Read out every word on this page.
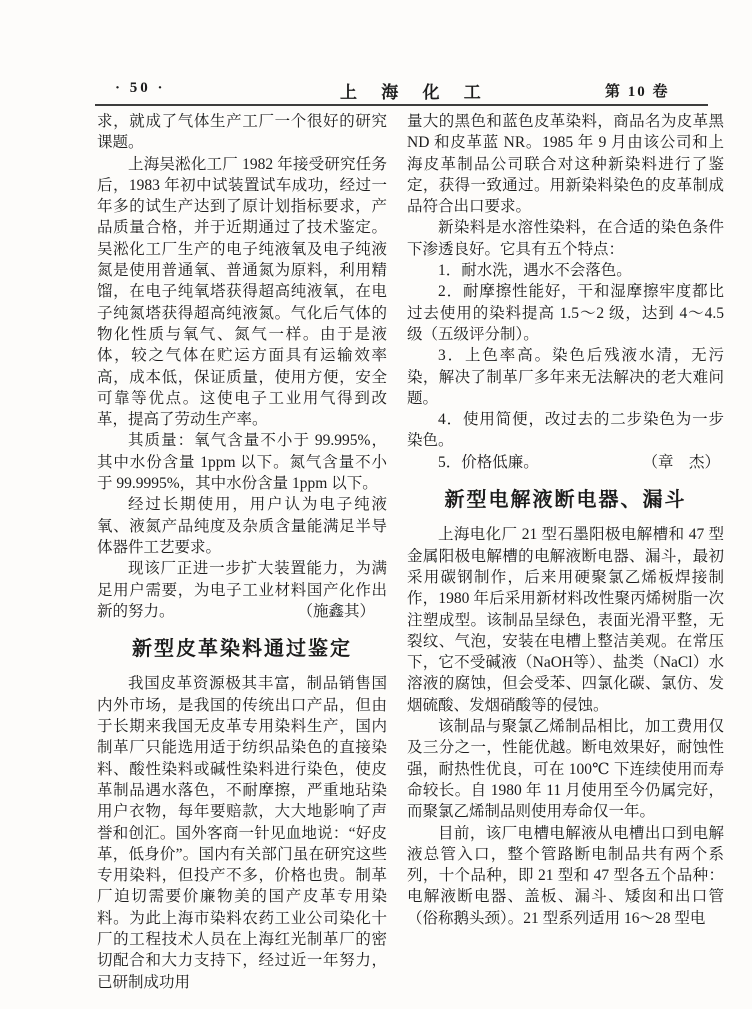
· 50 ·	上 海 化 工	第 10 卷

求，就成了气体生产工厂一个很好的研究课题。

上海吴淞化工厂 1982 年接受研究任务后，1983 年初中试装置试车成功，经过一年多的试生产达到了原计划指标要求，产品质量合格，并于近期通过了技术鉴定。吴淞化工厂生产的电子纯液氧及电子纯液氮是使用普通氧、普通氮为原料，利用精馏，在电子纯氧塔获得超高纯液氧，在电子纯氮塔获得超高纯液氮。气化后气体的物化性质与氧气、氮气一样。由于是液体，较之气体在贮运方面具有运输效率高，成本低，保证质量，使用方便，安全可靠等优点。这使电子工业用气得到改革，提高了劳动生产率。

其质量：氧气含量不小于 99.995%，其中水份含量 1ppm 以下。氮气含量不小于 99.9995%，其中水份含量 1ppm 以下。

经过长期使用，用户认为电子纯液氧、液氮产品纯度及杂质含量能满足半导体器件工艺要求。

现该厂正进一步扩大装置能力，为满足用户需要，为电子工业材料国产化作出新的努力。	（施鑫其）

新型皮革染料通过鉴定

我国皮革资源极其丰富，制品销售国内外市场，是我国的传统出口产品，但由于长期来我国无皮革专用染料生产，国内制革厂只能选用适于纺织品染色的直接染料、酸性染料或碱性染料进行染色，使皮革制品遇水落色，不耐摩擦，严重地玷染用户衣物，每年要赔款，大大地影响了声誉和创汇。国外客商一针见血地说：“好皮革，低身价”。国内有关部门虽在研究这些专用染料，但投产不多，价格也贵。制革厂迫切需要价廉物美的国产皮革专用染料。为此上海市染料农药工业公司染化十厂的工程技术人员在上海红光制革厂的密切配合和大力支持下，经过近一年努力，已研制成功用

量大的黑色和蓝色皮革染料，商品名为皮革黑 ND 和皮革蓝 NR。1985 年 9 月由该公司和上海皮革制品公司联合对这种新染料进行了鉴定，获得一致通过。用新染料染色的皮革制成品符合出口要求。

新染料是水溶性染料，在合适的染色条件下渗透良好。它具有五个特点：

1．耐水洗，遇水不会落色。

2．耐摩擦性能好，干和湿摩擦牢度都比过去使用的染料提高 1.5～2 级，达到 4～4.5 级（五级评分制）。

3．上色率高。染色后残液水清，无污染，解决了制革厂多年来无法解决的老大难问题。

4．使用简便，改过去的二步染色为一步染色。

5．价格低廉。	（章　杰）

新型电解液断电器、漏斗

上海电化厂 21 型石墨阳极电解槽和 47 型金属阳极电解槽的电解液断电器、漏斗，最初采用碳钢制作，后来用硬聚氯乙烯板焊接制作，1980 年后采用新材料改性聚丙烯树脂一次注塑成型。该制品呈绿色，表面光滑平整，无裂纹、气泡，安装在电槽上整洁美观。在常压下，它不受碱液（NaOH等）、盐类（NaCl）水溶液的腐蚀，但会受苯、四氯化碳、氯仿、发烟硫酸、发烟硝酸等的侵蚀。

该制品与聚氯乙烯制品相比，加工费用仅及三分之一，性能优越。断电效果好，耐蚀性强，耐热性优良，可在 100℃ 下连续使用而寿命较长。自 1980 年 11 月使用至今仍属完好，而聚氯乙烯制品则使用寿命仅一年。

目前，该厂电槽电解液从电槽出口到电解液总管入口，整个管路断电制品共有两个系列，十个品种，即 21 型和 47 型各五个品种：电解液断电器、盖板、漏斗、矮囱和出口管（俗称鹅头颈）。21 型系列适用 16～28 型电
